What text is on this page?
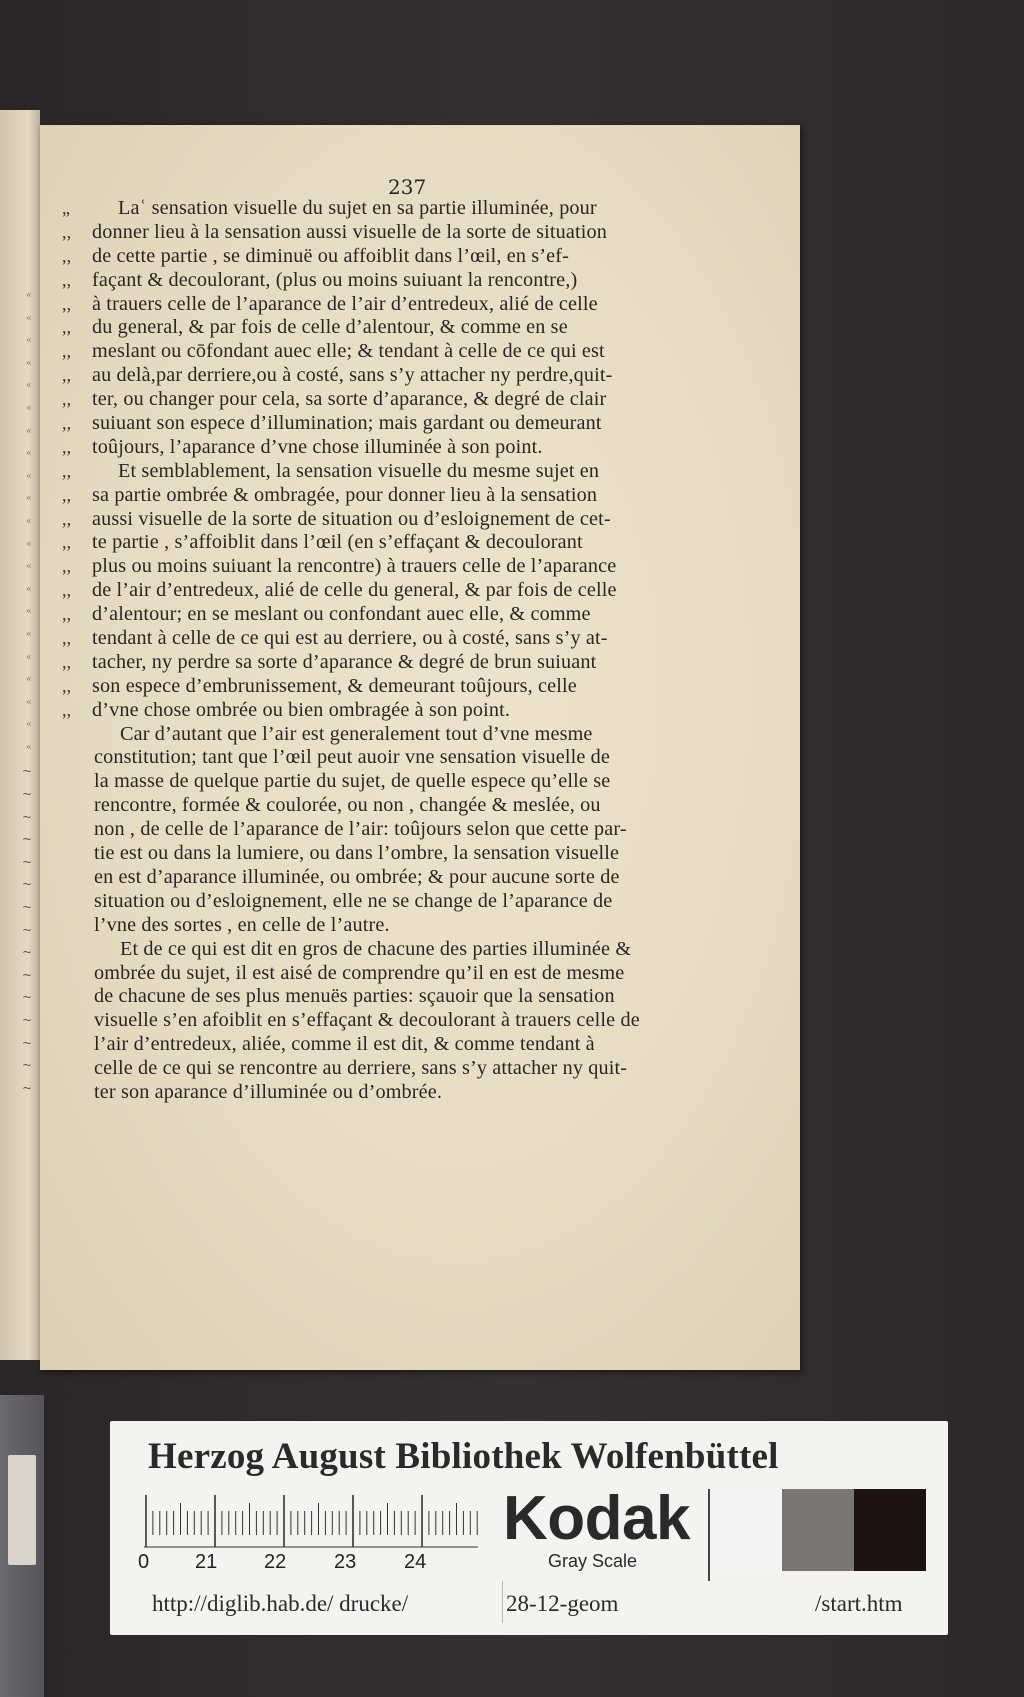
«
«
«
«
«
«
«
«
«
«
«
«
«
«
«
«
«
«
«
«
«
~
~
~
~
~
~
~
~
~
~
~
~
~
~
~
237
„	Laʿ sensation visuelle du sujet en sa partie illuminée, pour
,,	donner lieu à la sensation aussi visuelle de la sorte de situation
,,	de cette partie , se diminuë ou affoiblit dans l’œil, en s’ef-
,,	façant & decoulorant, (plus ou moins suiuant la rencontre,)
,,	à trauers celle de l’aparance de l’air d’entredeux, alié de celle
,,	du general, & par fois de celle d’alentour, & comme en se
,,	meslant ou cōfondant auec elle; & tendant à celle de ce qui est
,,	au delà,par derriere,ou à costé, sans s’y attacher ny perdre,quit-
,,	ter, ou changer pour cela, sa sorte d’aparance, & degré de clair
,,	suiuant son espece d’illumination; mais gardant ou demeurant
,,	toûjours, l’aparance d’vne chose illuminée à son point.
,,	Et semblablement, la sensation visuelle du mesme sujet en
,,	sa partie ombrée & ombragée, pour donner lieu à la sensation
,,	aussi visuelle de la sorte de situation ou d’esloignement de cet-
,,	te partie , s’affoiblit dans l’œil (en s’effaçant & decoulorant
,,	plus ou moins suiuant la rencontre) à trauers celle de l’aparance
,,	de l’air d’entredeux, alié de celle du general, & par fois de celle
,,	d’alentour; en se meslant ou confondant auec elle, & comme
,,	tendant à celle de ce qui est au derriere, ou à costé, sans s’y at-
,,	tacher, ny perdre sa sorte d’aparance & degré de brun suiuant
,,	son espece d’embrunissement, & demeurant toûjours, celle
,,	d’vne chose ombrée ou bien ombragée à son point.
Car d’autant que l’air est generalement tout d’vne mesme
constitution; tant que l’œil peut auoir vne sensation visuelle de
la masse de quelque partie du sujet, de quelle espece qu’elle se
rencontre, formée & coulorée, ou non , changée & meslée, ou
non , de celle de l’aparance de l’air: toûjours selon que cette par-
tie est ou dans la lumiere, ou dans l’ombre, la sensation visuelle
en est d’aparance illuminée, ou ombrée; & pour aucune sorte de
situation ou d’esloignement, elle ne se change de l’aparance de
l’vne des sortes , en celle de l’autre.
Et de ce qui est dit en gros de chacune des parties illuminée &
ombrée du sujet, il est aisé de comprendre qu’il en est de mesme
de chacune de ses plus menuës parties: sçauoir que la sensation
visuelle s’en afoiblit en s’effaçant & decoulorant à trauers celle de
l’air d’entredeux, aliée, comme il est dit, & comme tendant à
celle de ce qui se rencontre au derriere, sans s’y attacher ny quit-
ter son aparance d’illuminée ou d’ombrée.
Herzog August Bibliothek Wolfenbüttel
0 21 22 23 24
Kodak
Gray Scale
http://diglib.hab.de/ drucke/	28-12-geom	/start.htm
